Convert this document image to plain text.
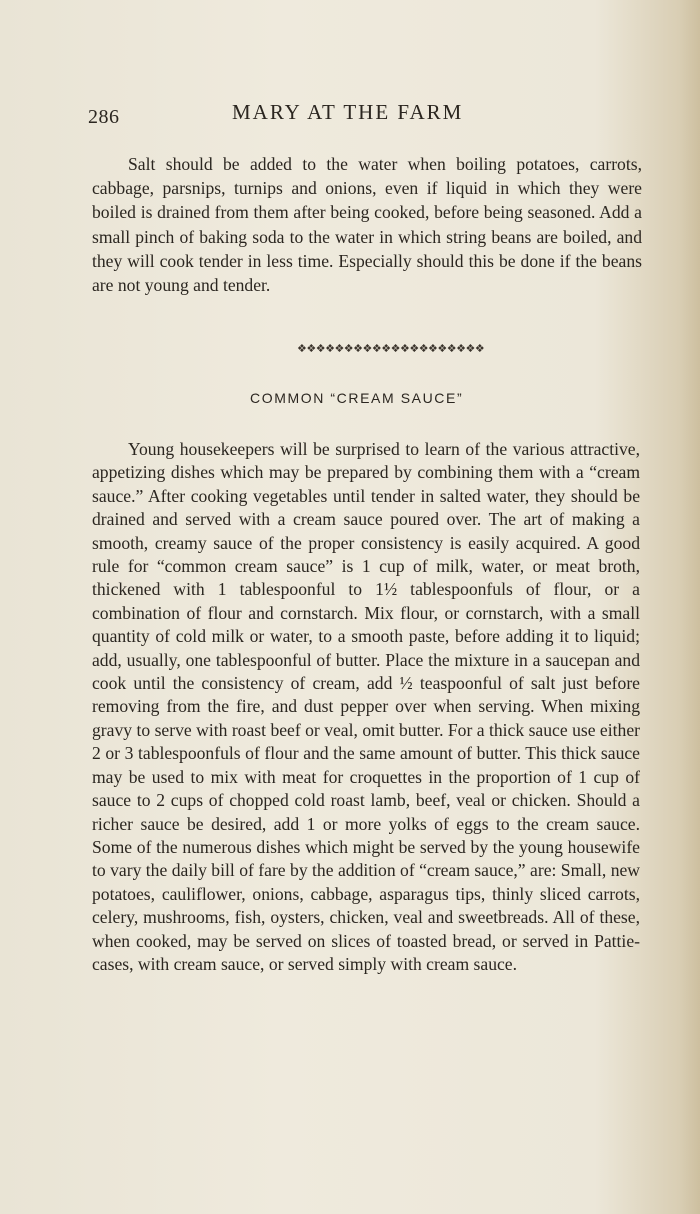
286	MARY AT THE FARM

Salt should be added to the water when boiling potatoes, carrots, cabbage, parsnips, turnips and onions, even if liquid in which they were boiled is drained from them after being cooked, before being seasoned. Add a small pinch of baking soda to the water in which string beans are boiled, and they will cook tender in less time. Especially should this be done if the beans are not young and tender.

❖❖❖❖❖❖❖❖❖❖❖❖❖❖❖❖❖❖❖❖
COMMON “CREAM SAUCE”

Young housekeepers will be surprised to learn of the various attractive, appetizing dishes which may be prepared by combining them with a “cream sauce.” After cooking vegetables until tender in salted water, they should be drained and served with a cream sauce poured over. The art of making a smooth, creamy sauce of the proper consistency is easily acquired. A good rule for “common cream sauce” is 1 cup of milk, water, or meat broth, thickened with 1 tablespoonful to 1½ tablespoonfuls of flour, or a combination of flour and cornstarch. Mix flour, or cornstarch, with a small quantity of cold milk or water, to a smooth paste, before adding it to liquid; add, usually, one tablespoonful of butter. Place the mixture in a saucepan and cook until the consistency of cream, add ½ teaspoonful of salt just before removing from the fire, and dust pepper over when serving. When mixing gravy to serve with roast beef or veal, omit butter. For a thick sauce use either 2 or 3 tablespoonfuls of flour and the same amount of butter. This thick sauce may be used to mix with meat for croquettes in the proportion of 1 cup of sauce to 2 cups of chopped cold roast lamb, beef, veal or chicken. Should a richer sauce be desired, add 1 or more yolks of eggs to the cream sauce. Some of the numerous dishes which might be served by the young housewife to vary the daily bill of fare by the addition of “cream sauce,” are: Small, new potatoes, cauliflower, onions, cabbage, asparagus tips, thinly sliced carrots, celery, mushrooms, fish, oysters, chicken, veal and sweetbreads. All of these, when cooked, may be served on slices of toasted bread, or served in Pattie-cases, with cream sauce, or served simply with cream sauce.
